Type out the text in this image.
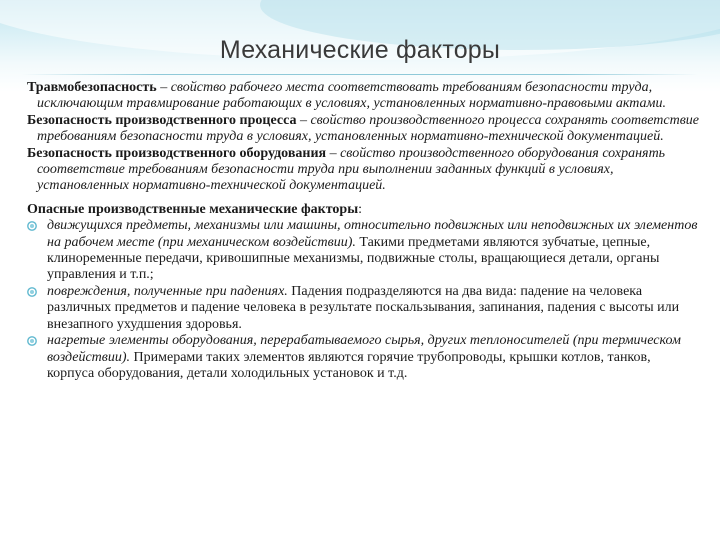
Механические факторы

Травмобезопасность – свойство рабочего места соответствовать требованиям безопасности труда, исключающим травмирование работающих в условиях, установленных нормативно-правовыми актами.

Безопасность производственного процесса – свойство производственного процесса сохранять соответствие требованиям безопасности труда в условиях, установленных нормативно-технической документацией.

Безопасность производственного оборудования – свойство производственного оборудования сохранять соответствие требованиям безопасности труда при выполнении заданных функций в условиях, установленных нормативно-технической документацией.

Опасные производственные механические факторы:

движущихся предметы, механизмы или машины, относительно подвижных или неподвижных их элементов на рабочем месте (при механическом воздействии). Такими предметами являются зубчатые, цепные, клиноременные передачи, кривошипные механизмы, подвижные столы, вращающиеся детали, органы управления и т.п.;
повреждения, полученные при падениях. Падения подразделяются на два вида: падение на человека различных предметов и падение человека в результате поскальзывания, запинания, падения с высоты или внезапного ухудшения здоровья.
нагретые элементы оборудования, перерабатываемого сырья, других теплоносителей (при термическом воздействии). Примерами таких элементов являются горячие трубопроводы, крышки котлов, танков, корпуса оборудования, детали холодильных установок и т.д.
